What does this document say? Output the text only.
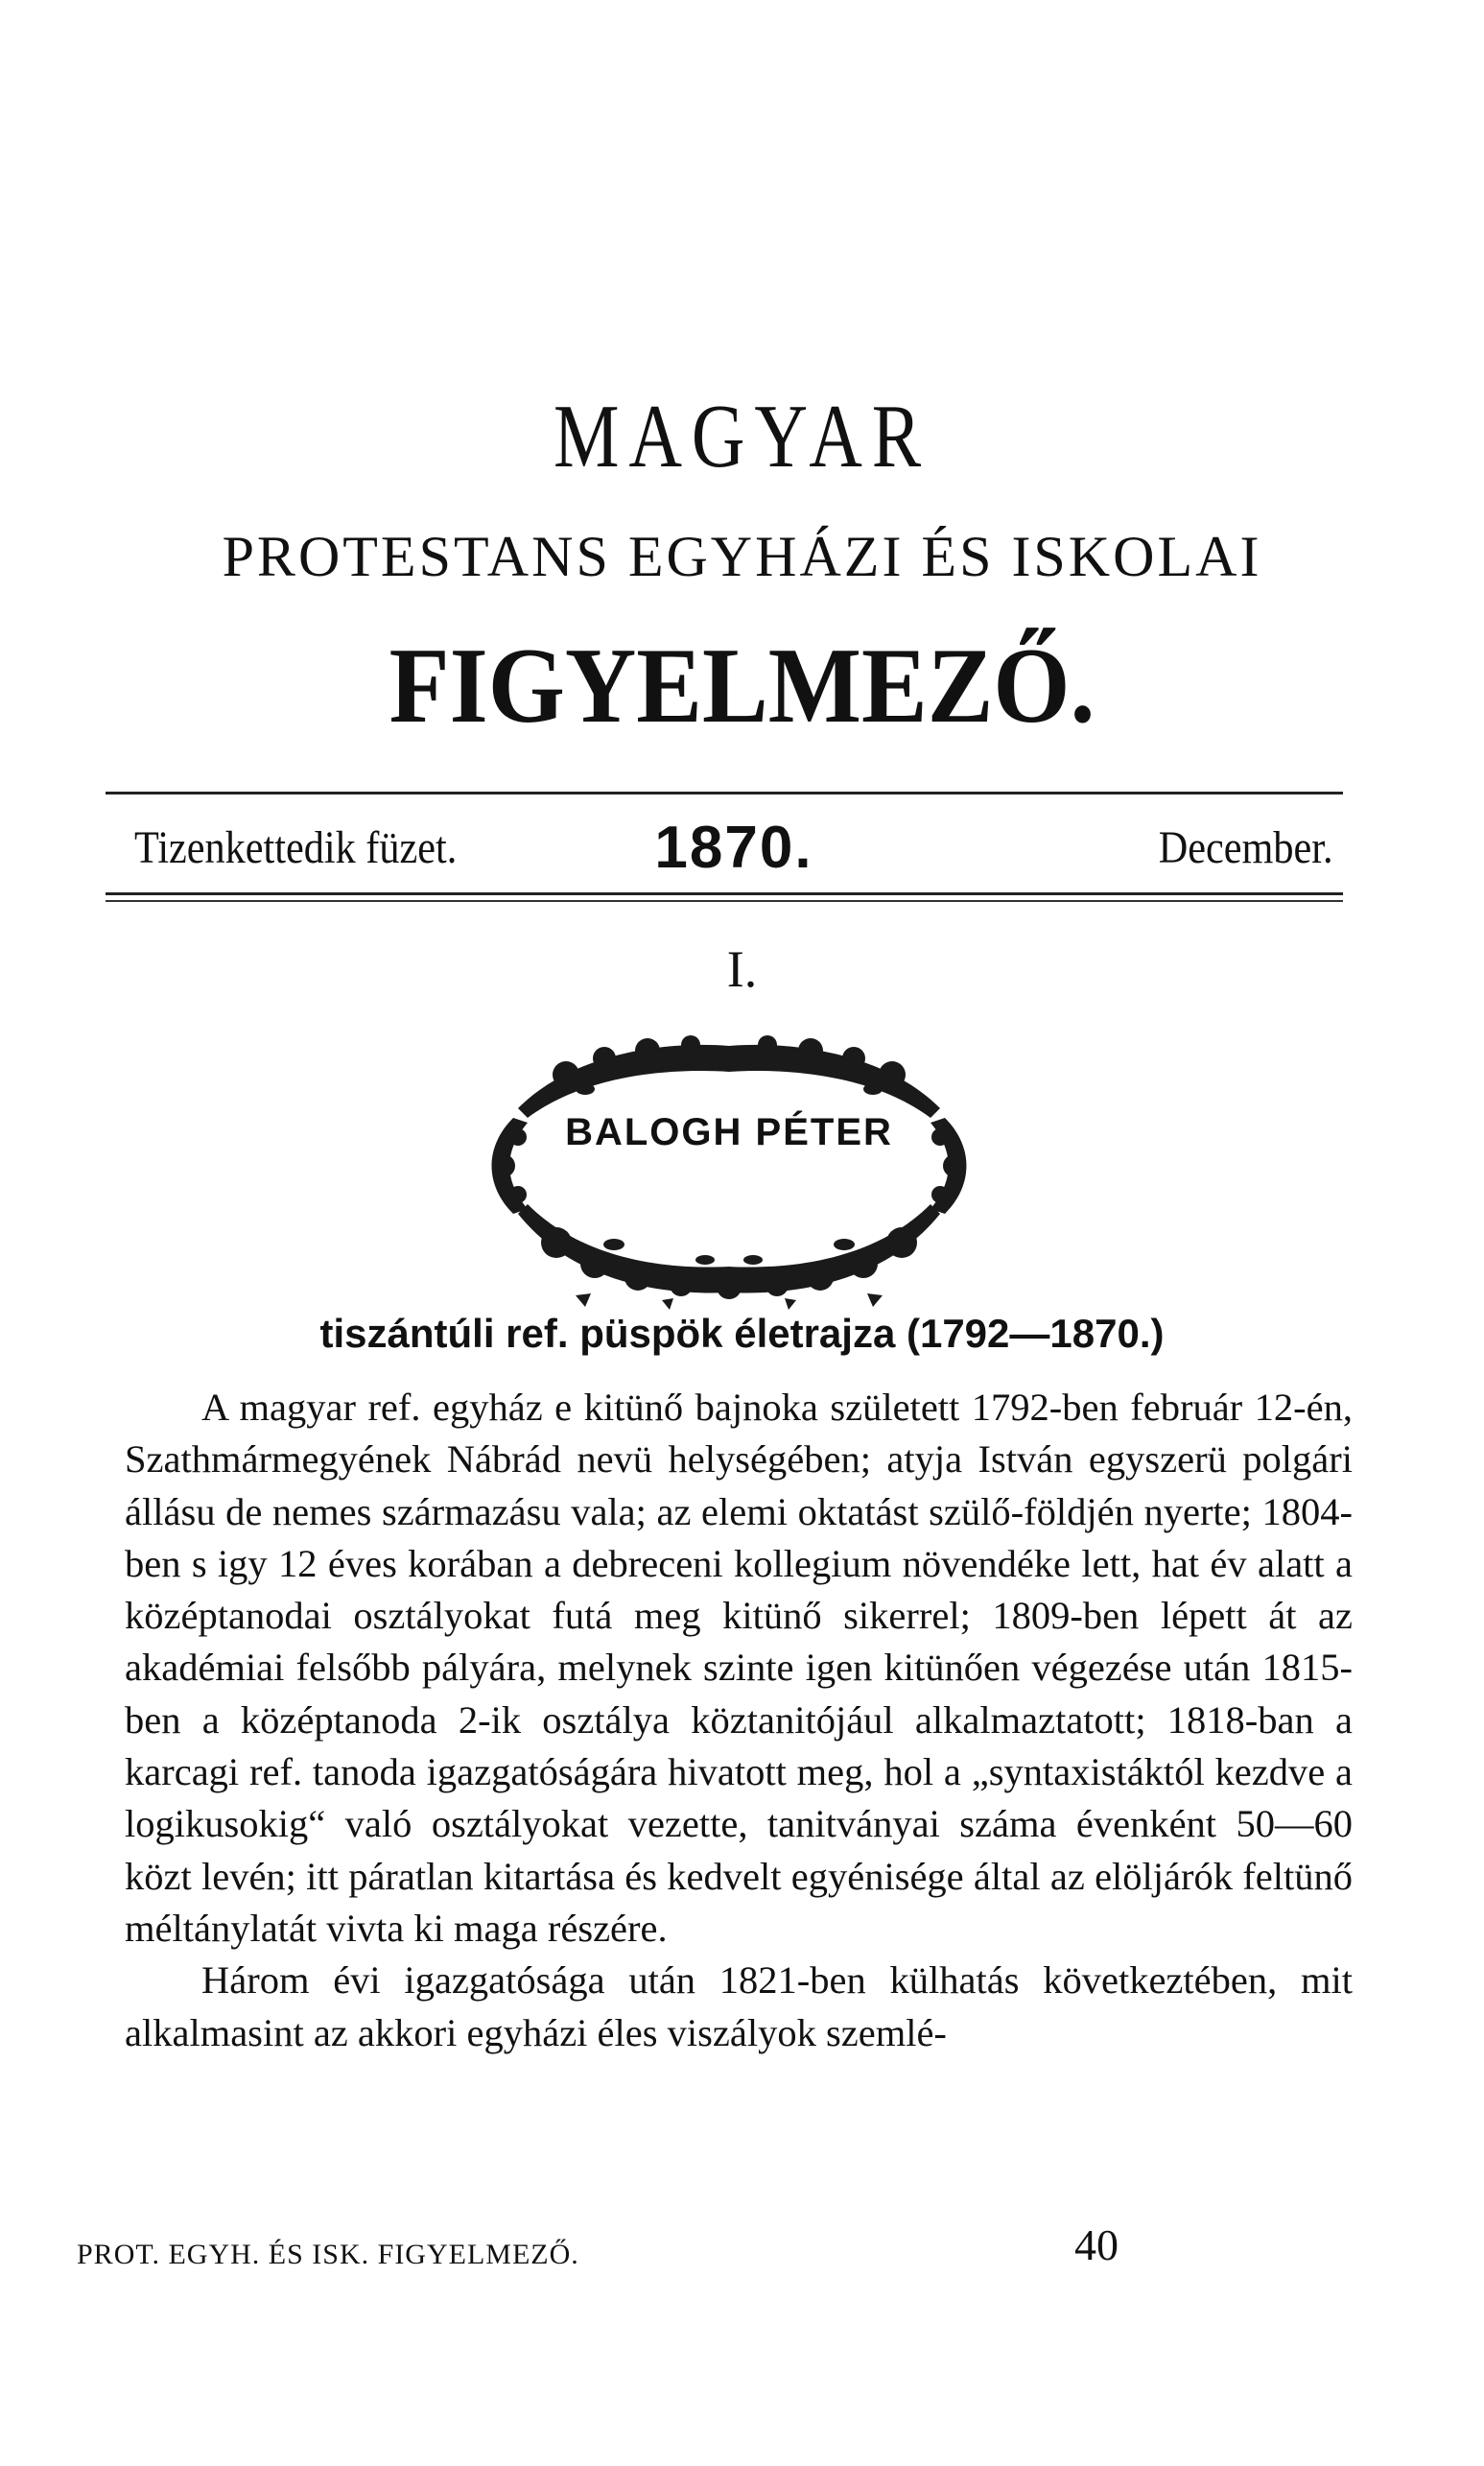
MAGYAR
PROTESTANS EGYHÁZI ÉS ISKOLAI
FIGYELMEZŐ.
Tizenkettedik füzet.	1870.	December.
I.
BALOGH PÉTER
tiszántúli ref. püspök életrajza (1792—1870.)

A magyar ref. egyház e kitünő bajnoka született 1792-ben február 12-én, Szathmármegyének Nábrád nevü helységében; atyja István egyszerü polgári állásu de nemes származásu vala; az elemi oktatást szülő-földjén nyerte; 1804-ben s igy 12 éves korában a debreceni kollegium növendéke lett, hat év alatt a középtanodai osztályokat futá meg kitünő sikerrel; 1809-ben lépett át az akadémiai felsőbb pályára, melynek szinte igen kitünően végezése után 1815-ben a középtanoda 2-ik osztálya köztanitójául alkalmaztatott; 1818-ban a karcagi ref. tanoda igazgatóságára hivatott meg, hol a „syntaxistáktól kezdve a logikusokig“ való osztályokat vezette, tanitványai száma évenként 50—60 közt levén; itt páratlan kitartása és kedvelt egyénisége által az elöljárók feltünő méltánylatát vivta ki maga részére.

Három évi igazgatósága után 1821-ben külhatás következtében, mit alkalmasint az akkori egyházi éles viszályok szemlé-

PROT. EGYH. ÉS ISK. FIGYELMEZŐ.	40
